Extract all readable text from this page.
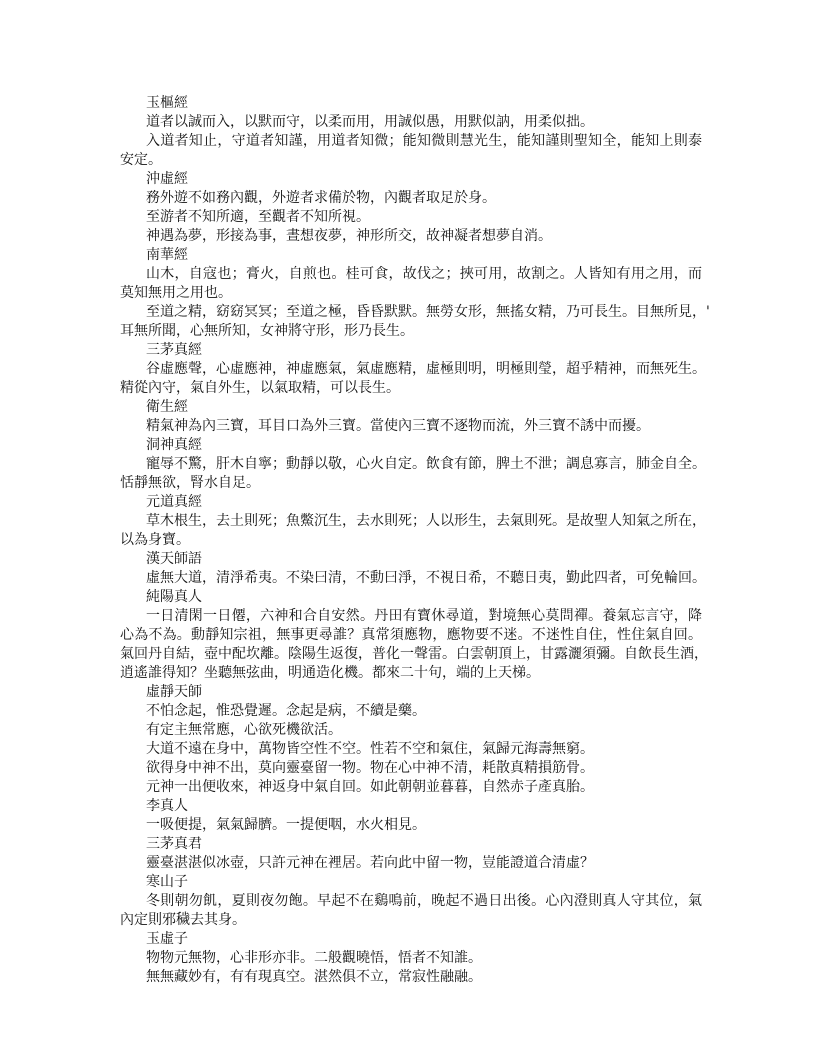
玉樞經
道者以誠而入，以默而守，以柔而用，用誠似愚，用默似訥，用柔似拙。
入道者知止，守道者知謹，用道者知微；能知微則慧光生，能知謹則聖知全，能知上則泰
安定。
沖虛經
務外遊不如務內觀，外遊者求備於物，內觀者取足於身。
至游者不知所適，至觀者不知所視。
神遇為夢，形接為事，晝想夜夢，神形所交，故神凝者想夢自消。
南華經
山木，自寇也；膏火，自煎也。桂可食，故伐之；挾可用，故割之。人皆知有用之用，而
莫知無用之用也。
至道之精，窈窈冥冥；至道之極，昏昏默默。無勞女形，無搖女精，乃可長生。目無所見，'
耳無所聞，心無所知，女神將守形，形乃長生。
三茅真經
谷虛應聲，心虛應神，神虛應氣，氣虛應精，虛極則明，明極則瑩，超乎精神，而無死生。
精從內守，氣自外生，以氣取精，可以長生。
衛生經
精氣神為內三寶，耳目口為外三寶。當使內三寶不逐物而流，外三寶不誘中而擾。
洞神真經
寵辱不驚，肝木自寧；動靜以敬，心火自定。飲食有節，脾土不泄；調息寡言，肺金自全。
恬靜無欲，腎水自足。
元道真經
草木根生，去土則死；魚鱉沉生，去水則死；人以形生，去氣則死。是故聖人知氣之所在，
以為身寶。
漢天師語
虛無大道，清淨希夷。不染曰清，不動曰淨，不視日希，不聽日夷，勤此四者，可免輪回。
純陽真人
一日清閑一日僊，六神和合自安然。丹田有寶休尋道，對境無心莫問禪。養氣忘言守，降
心為不為。動靜知宗祖，無事更尋誰？真常須應物，應物要不迷。不迷性自住，性住氣自回。
氣回丹自結，壺中配坎離。陰陽生返復，普化一聲雷。白雲朝頂上，甘露灑須彌。自飲長生酒，
逍遙誰得知？坐聽無弦曲，明通造化機。都來二十句，端的上天梯。
虛靜天師
不怕念起，惟恐覺遲。念起是病，不續是藥。
有定主無常應，心欲死機欲活。
大道不遠在身中，萬物皆空性不空。性若不空和氣住，氣歸元海壽無窮。
欲得身中神不出，莫向靈臺留一物。物在心中神不清，耗散真精損筋骨。
元神一出便收來，神返身中氣自回。如此朝朝並暮暮，自然赤子產真胎。
李真人
一吸便提，氣氣歸臍。一提便咽，水火相見。
三茅真君
靈臺湛湛似冰壺，只許元神在裡居。若向此中留一物，豈能證道合清虛？
寒山子
冬則朝勿飢，夏則夜勿飽。早起不在鷄鳴前，晚起不過日出後。心內澄則真人守其位，氣
內定則邪穢去其身。
玉虛子
物物元無物，心非形亦非。二般觀曉悟，悟者不知誰。
無無藏妙有，有有現真空。湛然俱不立，常寂性融融。
